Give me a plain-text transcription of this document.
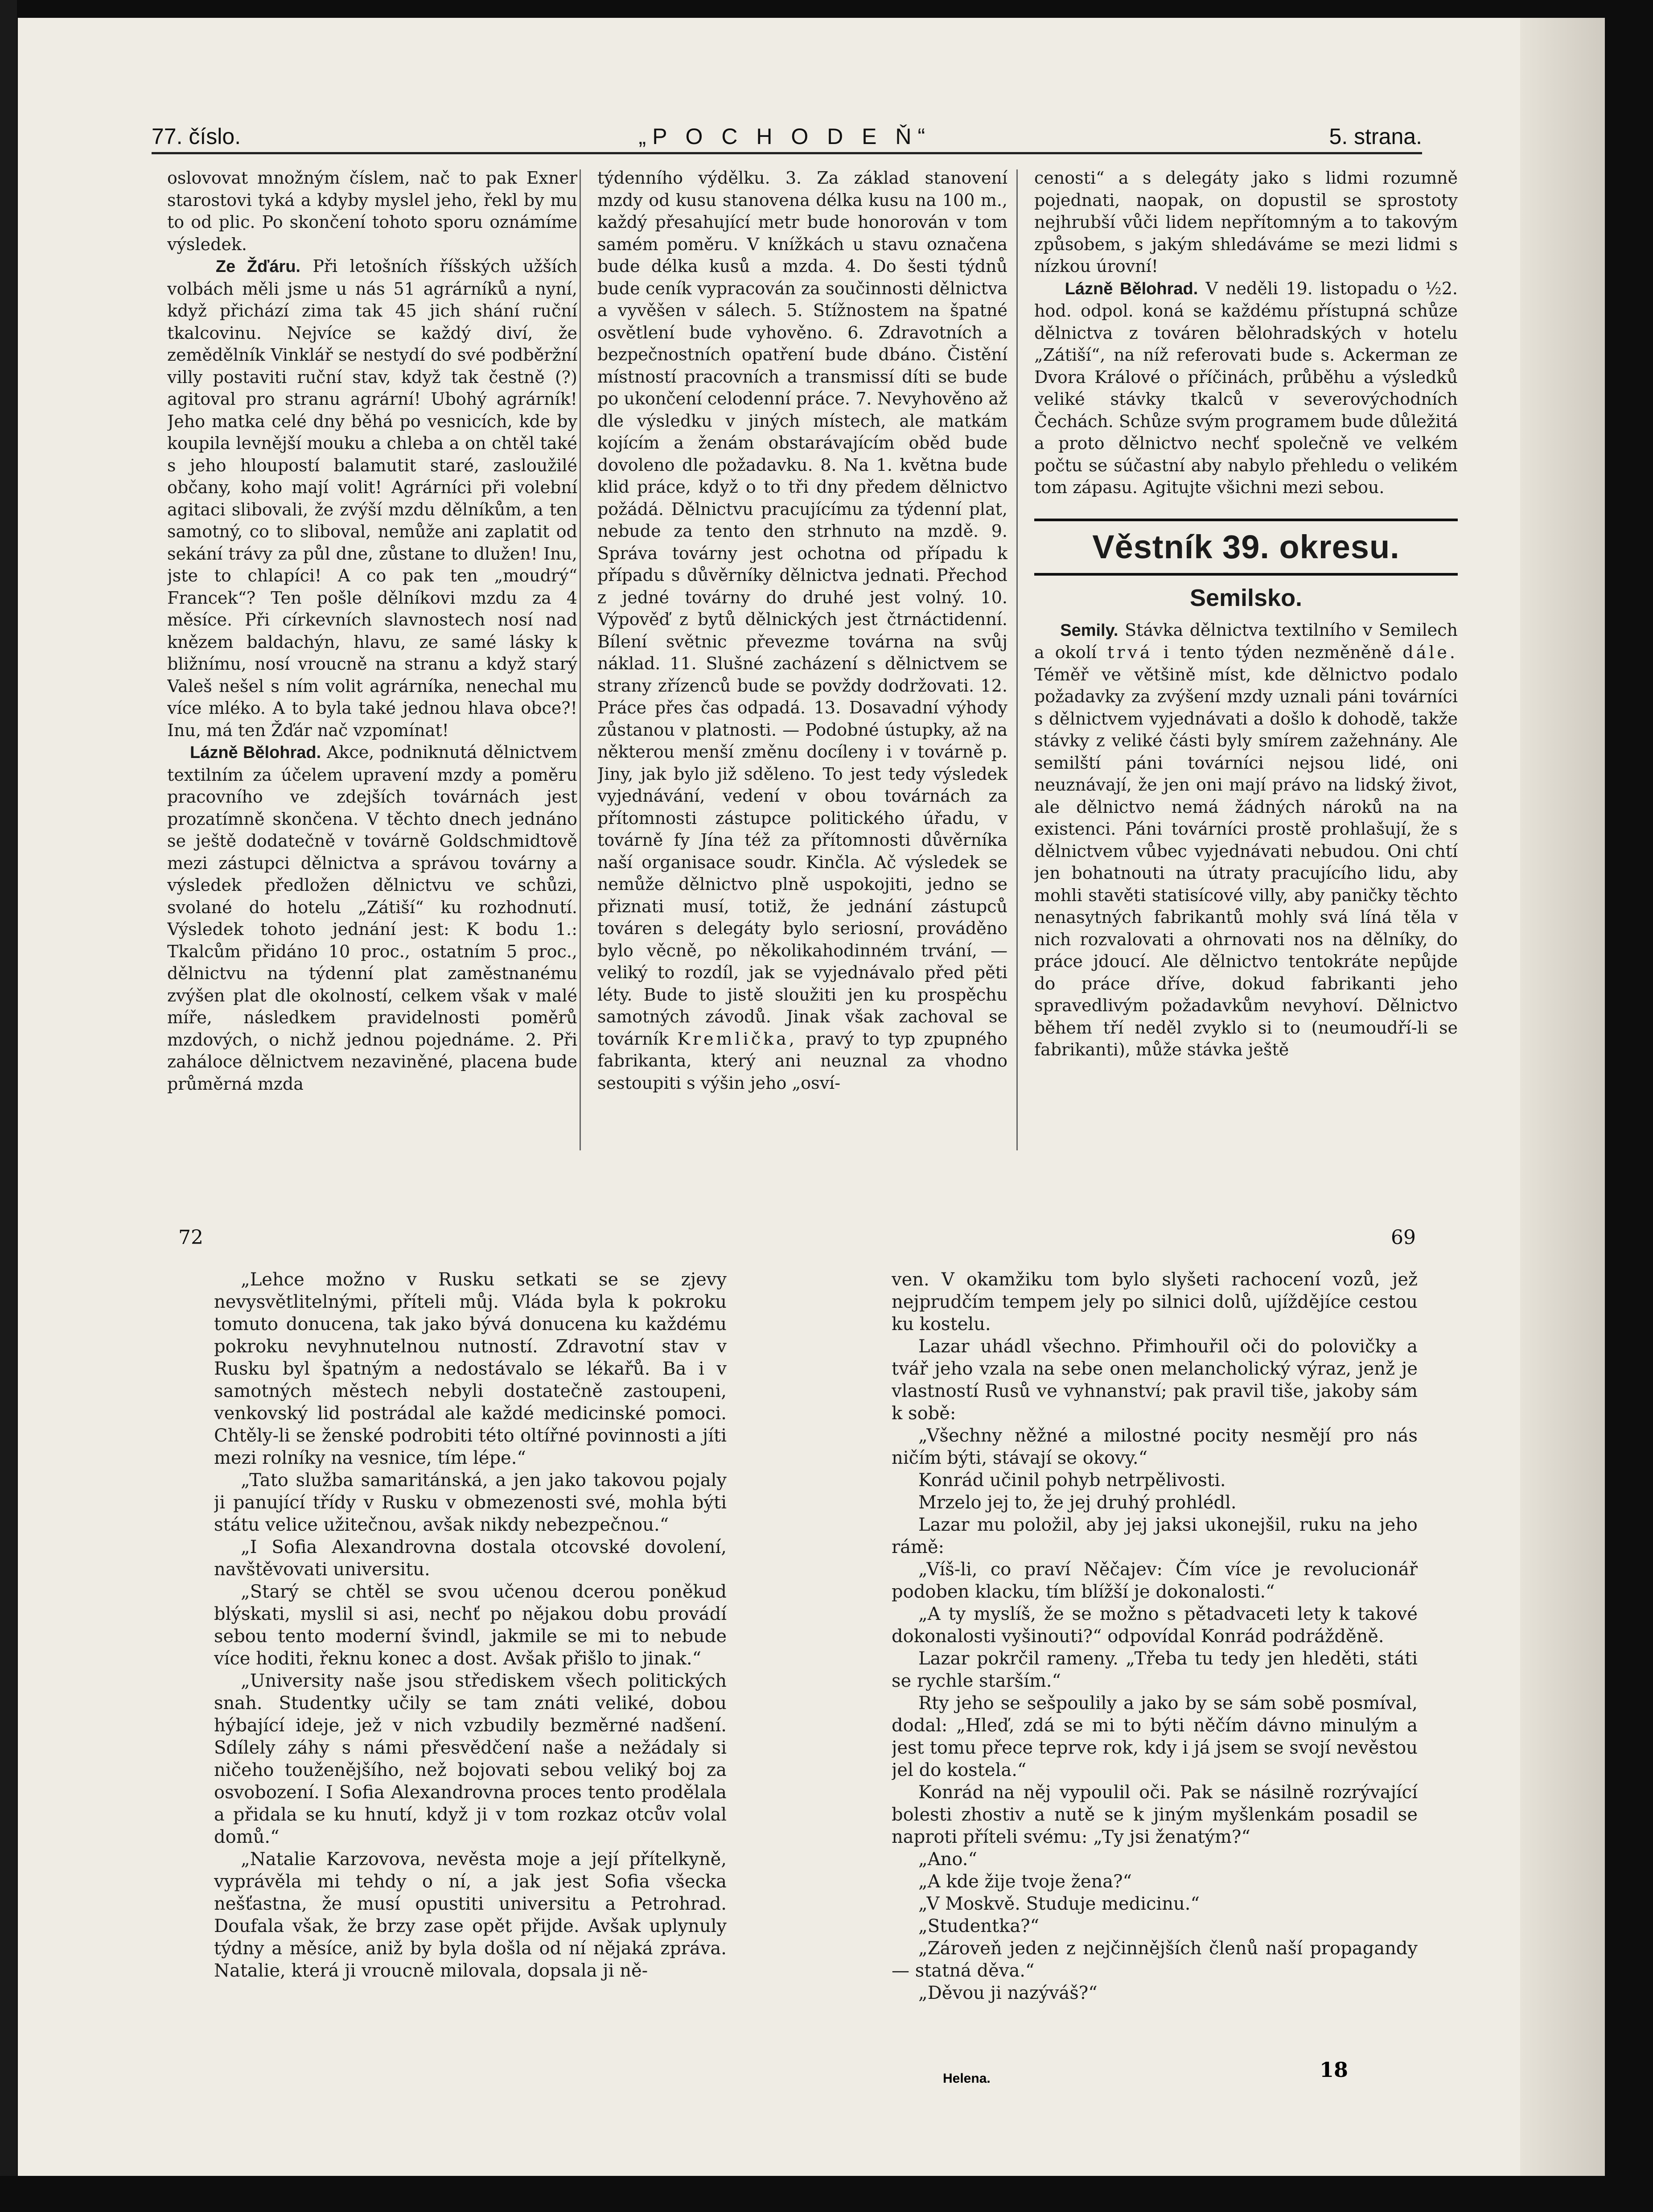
77. číslo.	„P O C H O D E Ň“	5. strana.

oslovovat množným číslem, nač to pak Exner starostovi tyká a kdyby myslel jeho, řekl by mu to od plic. Po skončení tohoto sporu oznámíme výsledek.

Ze Žďáru. Při letošních říšských užších volbách měli jsme u nás 51 agrárníků a nyní, když přichází zima tak 45 jich shání ruční tkalcovinu. Nejvíce se každý diví, že zemědělník Vinklář se nestydí do své podběržní villy postaviti ruční stav, když tak čestně (?) agitoval pro stranu agrární! Ubohý agrárník! Jeho matka celé dny běhá po vesnicích, kde by koupila levnější mouku a chleba a on chtěl také s jeho hloupostí balamutit staré, zasloužilé občany, koho mají volit! Agrárníci při volební agitaci slibovali, že zvýší mzdu dělníkům, a ten samotný, co to sliboval, nemůže ani zaplatit od sekání trávy za půl dne, zůstane to dlužen! Inu, jste to chlapíci! A co pak ten „moudrý“ Francek“? Ten pošle dělníkovi mzdu za 4 měsíce. Při církevních slavnostech nosí nad knězem baldachýn, hlavu, ze samé lásky k bližnímu, nosí vroucně na stranu a když starý Valeš nešel s ním volit agrárníka, nenechal mu více mléko. A to byla také jednou hlava obce?! Inu, má ten Žďár nač vzpomínat!

Lázně Bělohrad. Akce, podniknutá dělnictvem textilním za účelem upravení mzdy a poměru pracovního ve zdejších továrnách jest prozatímně skončena. V těchto dnech jednáno se ještě dodatečně v továrně Goldschmidtově mezi zástupci dělnictva a správou továrny a výsledek předložen dělnictvu ve schůzi, svolané do hotelu „Zátiší“ ku rozhodnutí. Výsledek tohoto jednání jest: K bodu 1.: Tkalcům přidáno 10 proc., ostatním 5 proc., dělnictvu na týdenní plat zaměstnanému zvýšen plat dle okolností, celkem však v malé míře, následkem pravidelnosti poměrů mzdových, o nichž jednou pojednáme. 2. Při zaháloce dělnictvem nezaviněné, placena bude průměrná mzda

týdenního výdělku. 3. Za základ stanovení mzdy od kusu stanovena délka kusu na 100 m., každý přesahující metr bude honorován v tom samém poměru. V knížkách u stavu označena bude délka kusů a mzda. 4. Do šesti týdnů bude ceník vypracován za součinnosti dělnictva a vyvěšen v sálech. 5. Stížnostem na špatné osvětlení bude vyhověno. 6. Zdravotních a bezpečnostních opatření bude dbáno. Čistění místností pracovních a transmissí díti se bude po ukončení celodenní práce. 7. Nevyhověno až dle výsledku v jiných místech, ale matkám kojícím a ženám obstarávajícím oběd bude dovoleno dle požadavku. 8. Na 1. května bude klid práce, když o to tři dny předem dělnictvo požádá. Dělnictvu pracujícímu za týdenní plat, nebude za tento den strhnuto na mzdě. 9. Správa továrny jest ochotna od případu k případu s důvěrníky dělnictva jednati. Přechod z jedné továrny do druhé jest volný. 10. Výpověď z bytů dělnických jest čtrnáctidenní. Bílení světnic převezme továrna na svůj náklad. 11. Slušné zacházení s dělnictvem se strany zřízenců bude se povždy dodržovati. 12. Práce přes čas odpadá. 13. Dosavadní výhody zůstanou v platnosti. — Podobné ústupky, až na některou menší změnu docíleny i v továrně p. Jiny, jak bylo již sděleno. To jest tedy výsledek vyjednávání, vedení v obou továrnách za přítomnosti zástupce politického úřadu, v továrně fy Jína též za přítomnosti důvěrníka naší organisace soudr. Kinčla. Ač výsledek se nemůže dělnictvo plně uspokojiti, jedno se přiznati musí, totiž, že jednání zástupců továren s delegáty bylo seriosní, prováděno bylo věcně, po několikahodinném trvání, — veliký to rozdíl, jak se vyjednávalo před pěti léty. Bude to jistě sloužiti jen ku prospěchu samotných závodů. Jinak však zachoval se továrník Kremlička, pravý to typ zpupného fabrikanta, který ani neuznal za vhodno sestoupiti s výšin jeho „osví-

cenosti“ a s delegáty jako s lidmi rozumně pojednati, naopak, on dopustil se sprostoty nejhrubší vůči lidem nepřítomným a to takovým způsobem, s jakým shledáváme se mezi lidmi s nízkou úrovní!

Lázně Bělohrad. V neděli 19. listopadu o ½2. hod. odpol. koná se každému přístupná schůze dělnictva z továren bělohradských v hotelu „Zátiší“, na níž referovati bude s. Ackerman ze Dvora Králové o příčinách, průběhu a výsledků veliké stávky tkalců v severovýchodních Čechách. Schůze svým programem bude důležitá a proto dělnictvo nechť společně ve velkém počtu se súčastní aby nabylo přehledu o velikém tom zápasu. Agitujte všichni mezi sebou.

Věstník 39. okresu.
Semilsko.

Semily. Stávka dělnictva textilního v Semilech a okolí trvá i tento týden nezměněně dále. Téměř ve většině míst, kde dělnictvo podalo požadavky za zvýšení mzdy uznali páni továrníci s dělnictvem vyjednávati a došlo k dohodě, takže stávky z veliké části byly smírem zažehnány. Ale semilští páni továrníci nejsou lidé, oni neuznávají, že jen oni mají právo na lidský život, ale dělnictvo nemá žádných nároků na na existenci. Páni továrníci prostě prohlašují, že s dělnictvem vůbec vyjednávati nebudou. Oni chtí jen bohatnouti na útraty pracujícího lidu, aby mohli stavěti statisícové villy, aby paničky těchto nenasytných fabrikantů mohly svá líná těla v nich rozvalovati a ohrnovati nos na dělníky, do práce jdoucí. Ale dělnictvo tentokráte nepůjde do práce dříve, dokud fabrikanti jeho spravedlivým požadavkům nevyhoví. Dělnictvo během tří neděl zvyklo si to (neumoudří-li se fabrikanti), může stávka ještě

72	69

„Lehce možno v Rusku setkati se se zjevy nevysvětlitelnými, příteli můj. Vláda byla k pokroku tomuto donucena, tak jako bývá donucena ku každému pokroku nevyhnutelnou nutností. Zdravotní stav v Rusku byl špatným a nedostávalo se lékařů. Ba i v samotných městech nebyli dostatečně zastoupeni, venkovský lid postrádal ale každé medicinské pomoci. Chtěly-li se ženské podrobiti této oltířné povinnosti a jíti mezi rolníky na vesnice, tím lépe.“

„Tato služba samaritánská, a jen jako takovou pojaly ji panující třídy v Rusku v obmezenosti své, mohla býti státu velice užitečnou, avšak nikdy nebezpečnou.“

„I Sofia Alexandrovna dostala otcovské dovolení, navštěvovati universitu.

„Starý se chtěl se svou učenou dcerou poněkud blýskati, myslil si asi, nechť po nějakou dobu provádí sebou tento moderní švindl, jakmile se mi to nebude více hoditi, řeknu konec a dost. Avšak přišlo to jinak.“

„University naše jsou střediskem všech politických snah. Studentky učily se tam znáti veliké, dobou hýbající ideje, jež v nich vzbudily bezměrné nadšení. Sdílely záhy s námi přesvědčení naše a nežádaly si ničeho touženějšího, než bojovati sebou veliký boj za osvobození. I Sofia Alexandrovna proces tento prodělala a přidala se ku hnutí, když ji v tom rozkaz otcův volal domů.“

„Natalie Karzovova, nevěsta moje a její přítelkyně, vyprávěla mi tehdy o ní, a jak jest Sofia všecka nešťastna, že musí opustiti universitu a Petrohrad. Doufala však, že brzy zase opět přijde. Avšak uplynuly týdny a měsíce, aniž by byla došla od ní nějaká zpráva. Natalie, která ji vroucně milovala, dopsala ji ně-

ven. V okamžiku tom bylo slyšeti rachocení vozů, jež nejprudčím tempem jely po silnici dolů, ujíždějíce cestou ku kostelu.

Lazar uhádl všechno. Přimhouřil oči do polovičky a tvář jeho vzala na sebe onen melancholický výraz, jenž je vlastností Rusů ve vyhnanství; pak pravil tiše, jakoby sám k sobě:

„Všechny něžné a milostné pocity nesmějí pro nás ničím býti, stávají se okovy.“

Konrád učinil pohyb netrpělivosti.

Mrzelo jej to, že jej druhý prohlédl.

Lazar mu položil, aby jej jaksi ukonejšil, ruku na jeho rámě:

„Víš-li, co praví Něčajev: Čím více je revolucionář podoben klacku, tím blížší je dokonalosti.“

„A ty myslíš, že se možno s pětadvaceti lety k takové dokonalosti vyšinouti?“ odpovídal Konrád podrážděně.

Lazar pokrčil rameny. „Třeba tu tedy jen hleděti, státi se rychle starším.“

Rty jeho se sešpoulily a jako by se sám sobě posmíval, dodal: „Hleď, zdá se mi to býti něčím dávno minulým a jest tomu přece teprve rok, kdy i já jsem se svojí nevěstou jel do kostela.“

Konrád na něj vypoulil oči. Pak se násilně rozrývající bolesti zhostiv a nutě se k jiným myšlenkám posadil se naproti příteli svému: „Ty jsi ženatým?“

„Ano.“

„A kde žije tvoje žena?“

„V Moskvě. Studuje medicinu.“

„Studentka?“

„Zároveň jeden z nejčinnějších členů naší propagandy — statná děva.“

„Děvou ji nazýváš?“

Helena.	18
